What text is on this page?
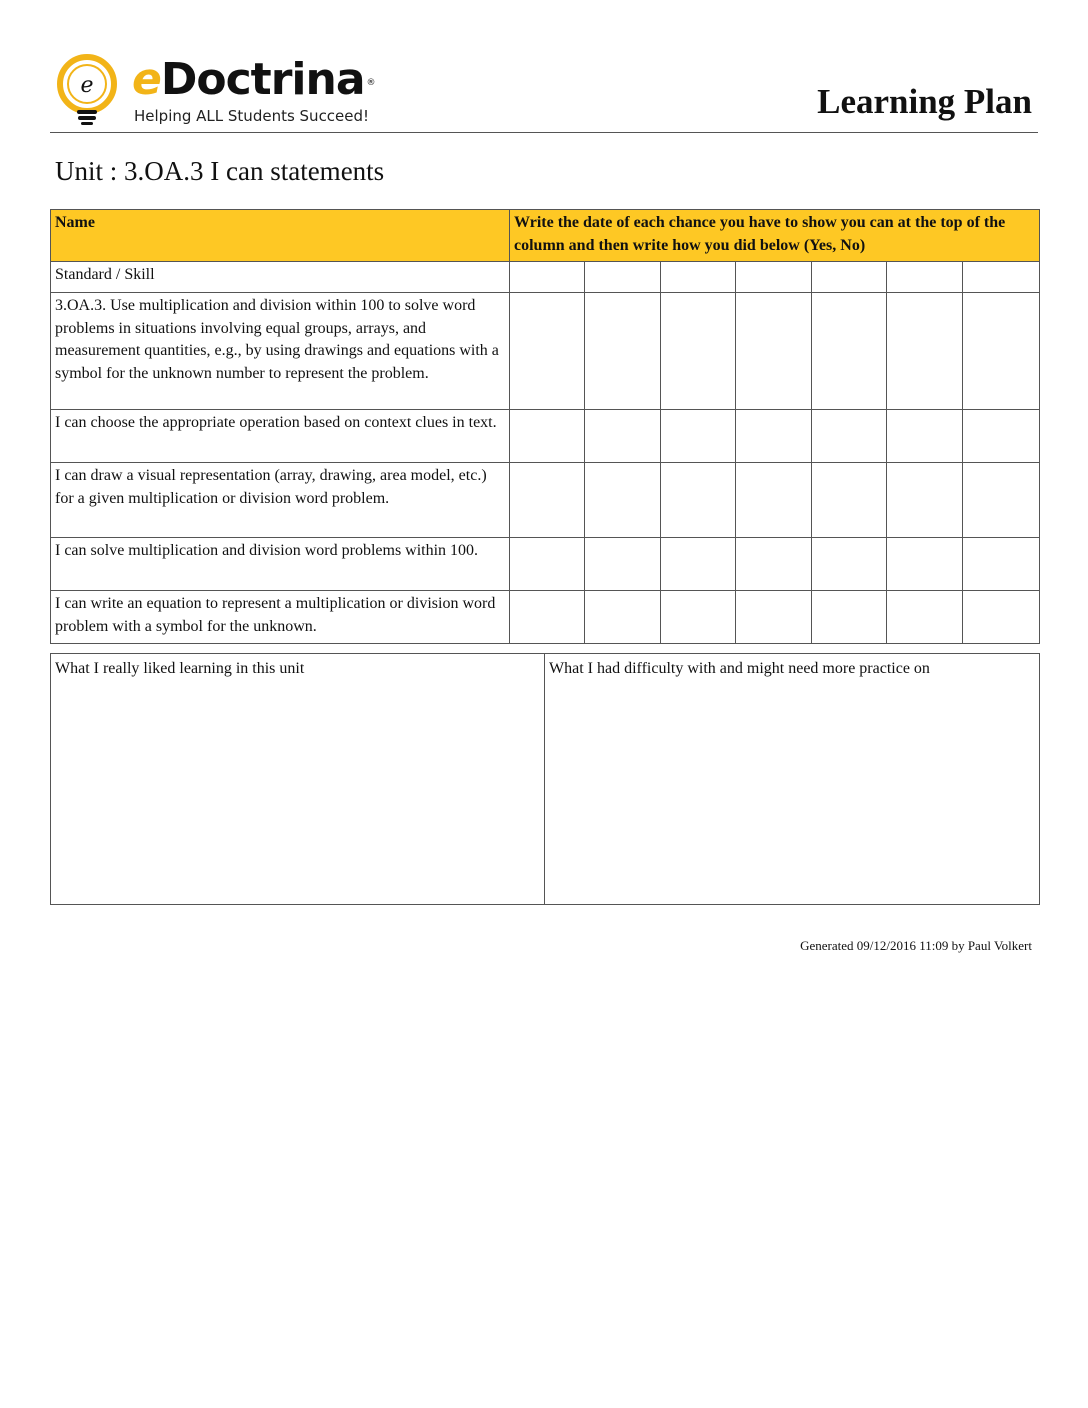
e eDoctrina ®
Helping ALL Students Succeed!	Learning Plan
Unit : 3.OA.3 I can statements
Name	Write the date of each chance you have to show you can at the top of the column and then write how you did below (Yes, No)						
Standard / Skill							
3.OA.3. Use multiplication and division within 100 to solve word problems in situations involving equal groups, arrays, and measurement quantities, e.g., by using drawings and equations with a symbol for the unknown number to represent the problem.							
I can choose the appropriate operation based on context clues in text.							
I can draw a visual representation (array, drawing, area model, etc.) for a given multiplication or division word problem.							
I can solve multiplication and division word problems within 100.							
I can write an equation to represent a multiplication or division word problem with a symbol for the unknown.							
What I really liked learning in this unit	What I had difficulty with and might need more practice on
Generated 09/12/2016 11:09 by Paul Volkert
